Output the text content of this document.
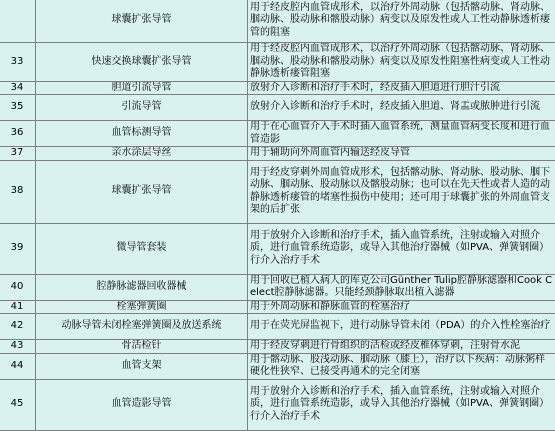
	球囊扩张导管	用于经皮腔内血管成形术，以治疗外周动脉（包括髂动脉、肾动脉、腘动脉、股动脉和髂股动脉）病变以及原发性或人工性动静脉透析瘘管的阻塞
33	快速交换球囊扩张导管	用于经皮腔内血管成形术，以治疗外周动脉（包括髂动脉、肾动脉、腘动脉、股动脉和髂股动脉）病变以及原发性阻塞性病变或人工性动静脉透析瘘管阻塞
34	胆道引流导管	放射介入诊断和治疗手术时，经皮插入胆道进行胆汁引流
35	引流导管	放射介入诊断和治疗手术时，经皮插入胆道、肾盂或脓肿进行引流
36	血管标测导管	用于在心血管介入手术时插入血管系统，测量血管病变长度和进行血管造影
37	亲水涂层导丝	用于辅助向外周血管内输送经皮导管
38	球囊扩张导管	用于经皮穿刺外周血管成形术，包括髂动脉、肾动脉、股动脉、腘下动脉、腘动脉、股动脉以及髂股动脉；也可以在先天性或者人造的动静脉透析瘘管的堵塞性损伤中使用；还可用于球囊扩张的外周血管支架的后扩张
39	微导管套装	用于放射介入诊断和治疗手术，插入血管系统，注射或输入对照介质，进行血管系统造影，或导入其他治疗器械（如PVA、弹簧钢圈）行介入治疗手术
40	腔静脉滤器回收器械	用于回收已植入病人的库克公司Günther Tulip腔静脉滤器和Cook Celect腔静脉滤器。只能经颈静脉取出植入滤器
41	栓塞弹簧圈	用于外周动脉和静脉血管的栓塞治疗
42	动脉导管未闭栓塞弹簧圈及放送系统	用于在荧光屏监视下，进行动脉导管未闭（PDA）的介入性栓塞治疗
43	骨活检针	用于经皮穿刺进行骨组织的活检或经皮椎体穿刺，注射骨水泥
44	血管支架	用于髂动脉、股浅动脉、腘动脉（膝上），治疗以下疾病：动脉粥样硬化性狭窄、已接受再通术的完全闭塞
45	血管造影导管	用于放射介入诊断和治疗手术，插入血管系统，注射或输入对照介质，进行血管系统造影，或导入其他治疗器械（如PVA、弹簧钢圈）行介入治疗手术
